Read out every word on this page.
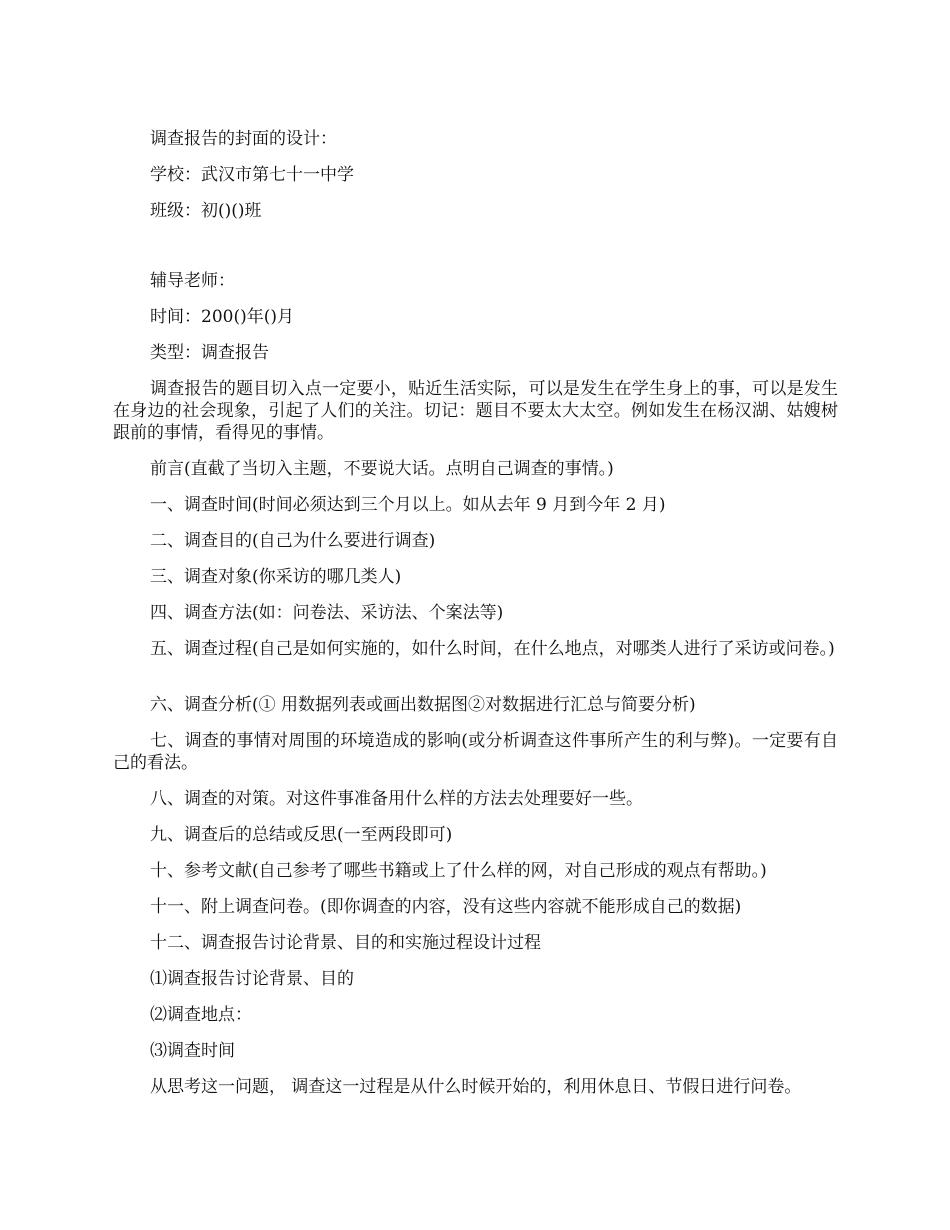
调查报告的封面的设计：
学校：武汉市第七十一中学
班级：初()()班
辅导老师：
时间：200()年()月
类型：调查报告
调查报告的题目切入点一定要小，贴近生活实际，可以是发生在学生身上的事，可以是发生在身边的社会现象，引起了人们的关注。切记：题目不要太大太空。例如发生在杨汉湖、姑嫂树跟前的事情，看得见的事情。
前言(直截了当切入主题，不要说大话。点明自己调查的事情。)
一、调查时间(时间必须达到三个月以上。如从去年 9 月到今年 2 月)
二、调查目的(自己为什么要进行调查)
三、调查对象(你采访的哪几类人)
四、调查方法(如：问卷法、采访法、个案法等)
五、调查过程(自己是如何实施的，如什么时间，在什么地点，对哪类人进行了采访或问卷。)
六、调查分析(① 用数据列表或画出数据图②对数据进行汇总与简要分析)
七、调查的事情对周围的环境造成的影响(或分析调查这件事所产生的利与弊)。一定要有自己的看法。
八、调查的对策。对这件事准备用什么样的方法去处理要好一些。
九、调查后的总结或反思(一至两段即可)
十、参考文献(自己参考了哪些书籍或上了什么样的网，对自己形成的观点有帮助。)
十一、附上调查问卷。(即你调查的内容，没有这些内容就不能形成自己的数据)
十二、调查报告讨论背景、目的和实施过程设计过程
⑴调查报告讨论背景、目的
⑵调查地点：
⑶调查时间
从思考这一问题， 调查这一过程是从什么时候开始的，利用休息日、节假日进行问卷。
